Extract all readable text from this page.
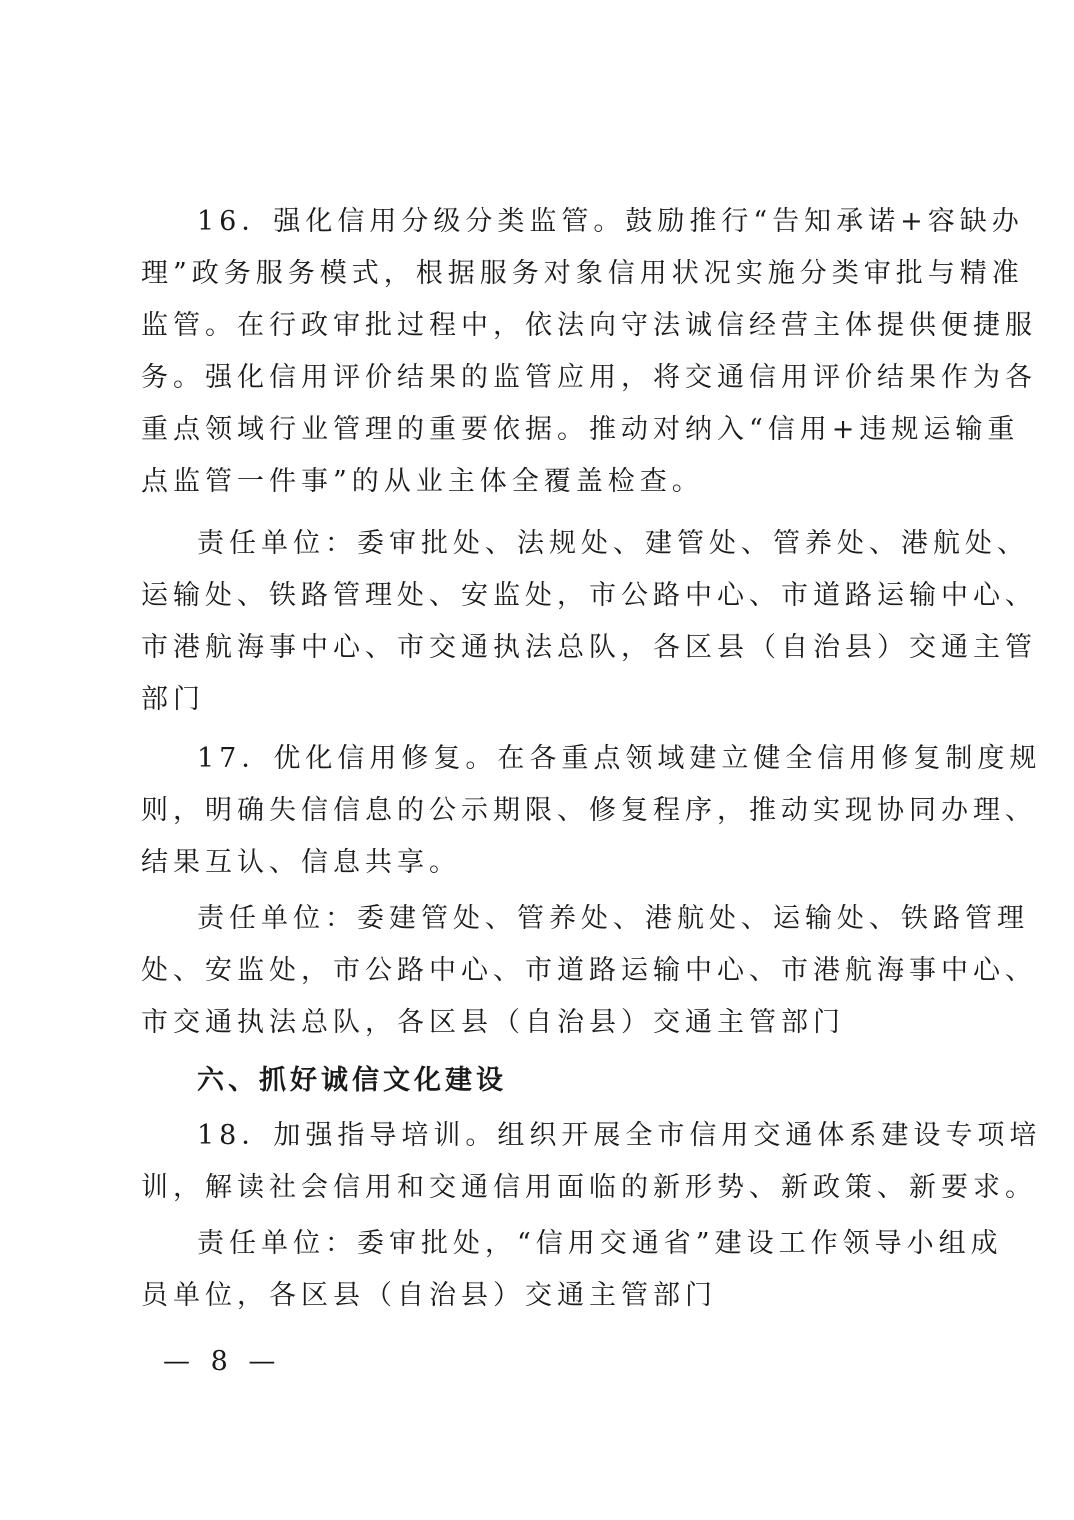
16．强化信用分级分类监管。鼓励推行“告知承诺+容缺办
理”政务服务模式，根据服务对象信用状况实施分类审批与精准
监管。在行政审批过程中，依法向守法诚信经营主体提供便捷服
务。强化信用评价结果的监管应用，将交通信用评价结果作为各
重点领域行业管理的重要依据。推动对纳入“信用+违规运输重
点监管一件事”的从业主体全覆盖检查。
责任单位：委审批处、法规处、建管处、管养处、港航处、
运输处、铁路管理处、安监处，市公路中心、市道路运输中心、
市港航海事中心、市交通执法总队，各区县（自治县）交通主管
部门
17．优化信用修复。在各重点领域建立健全信用修复制度规
则，明确失信信息的公示期限、修复程序，推动实现协同办理、
结果互认、信息共享。
责任单位：委建管处、管养处、港航处、运输处、铁路管理
处、安监处，市公路中心、市道路运输中心、市港航海事中心、
市交通执法总队，各区县（自治县）交通主管部门
六、抓好诚信文化建设
18．加强指导培训。组织开展全市信用交通体系建设专项培
训，解读社会信用和交通信用面临的新形势、新政策、新要求。
责任单位：委审批处，“信用交通省”建设工作领导小组成
员单位，各区县（自治县）交通主管部门
— 8 —
